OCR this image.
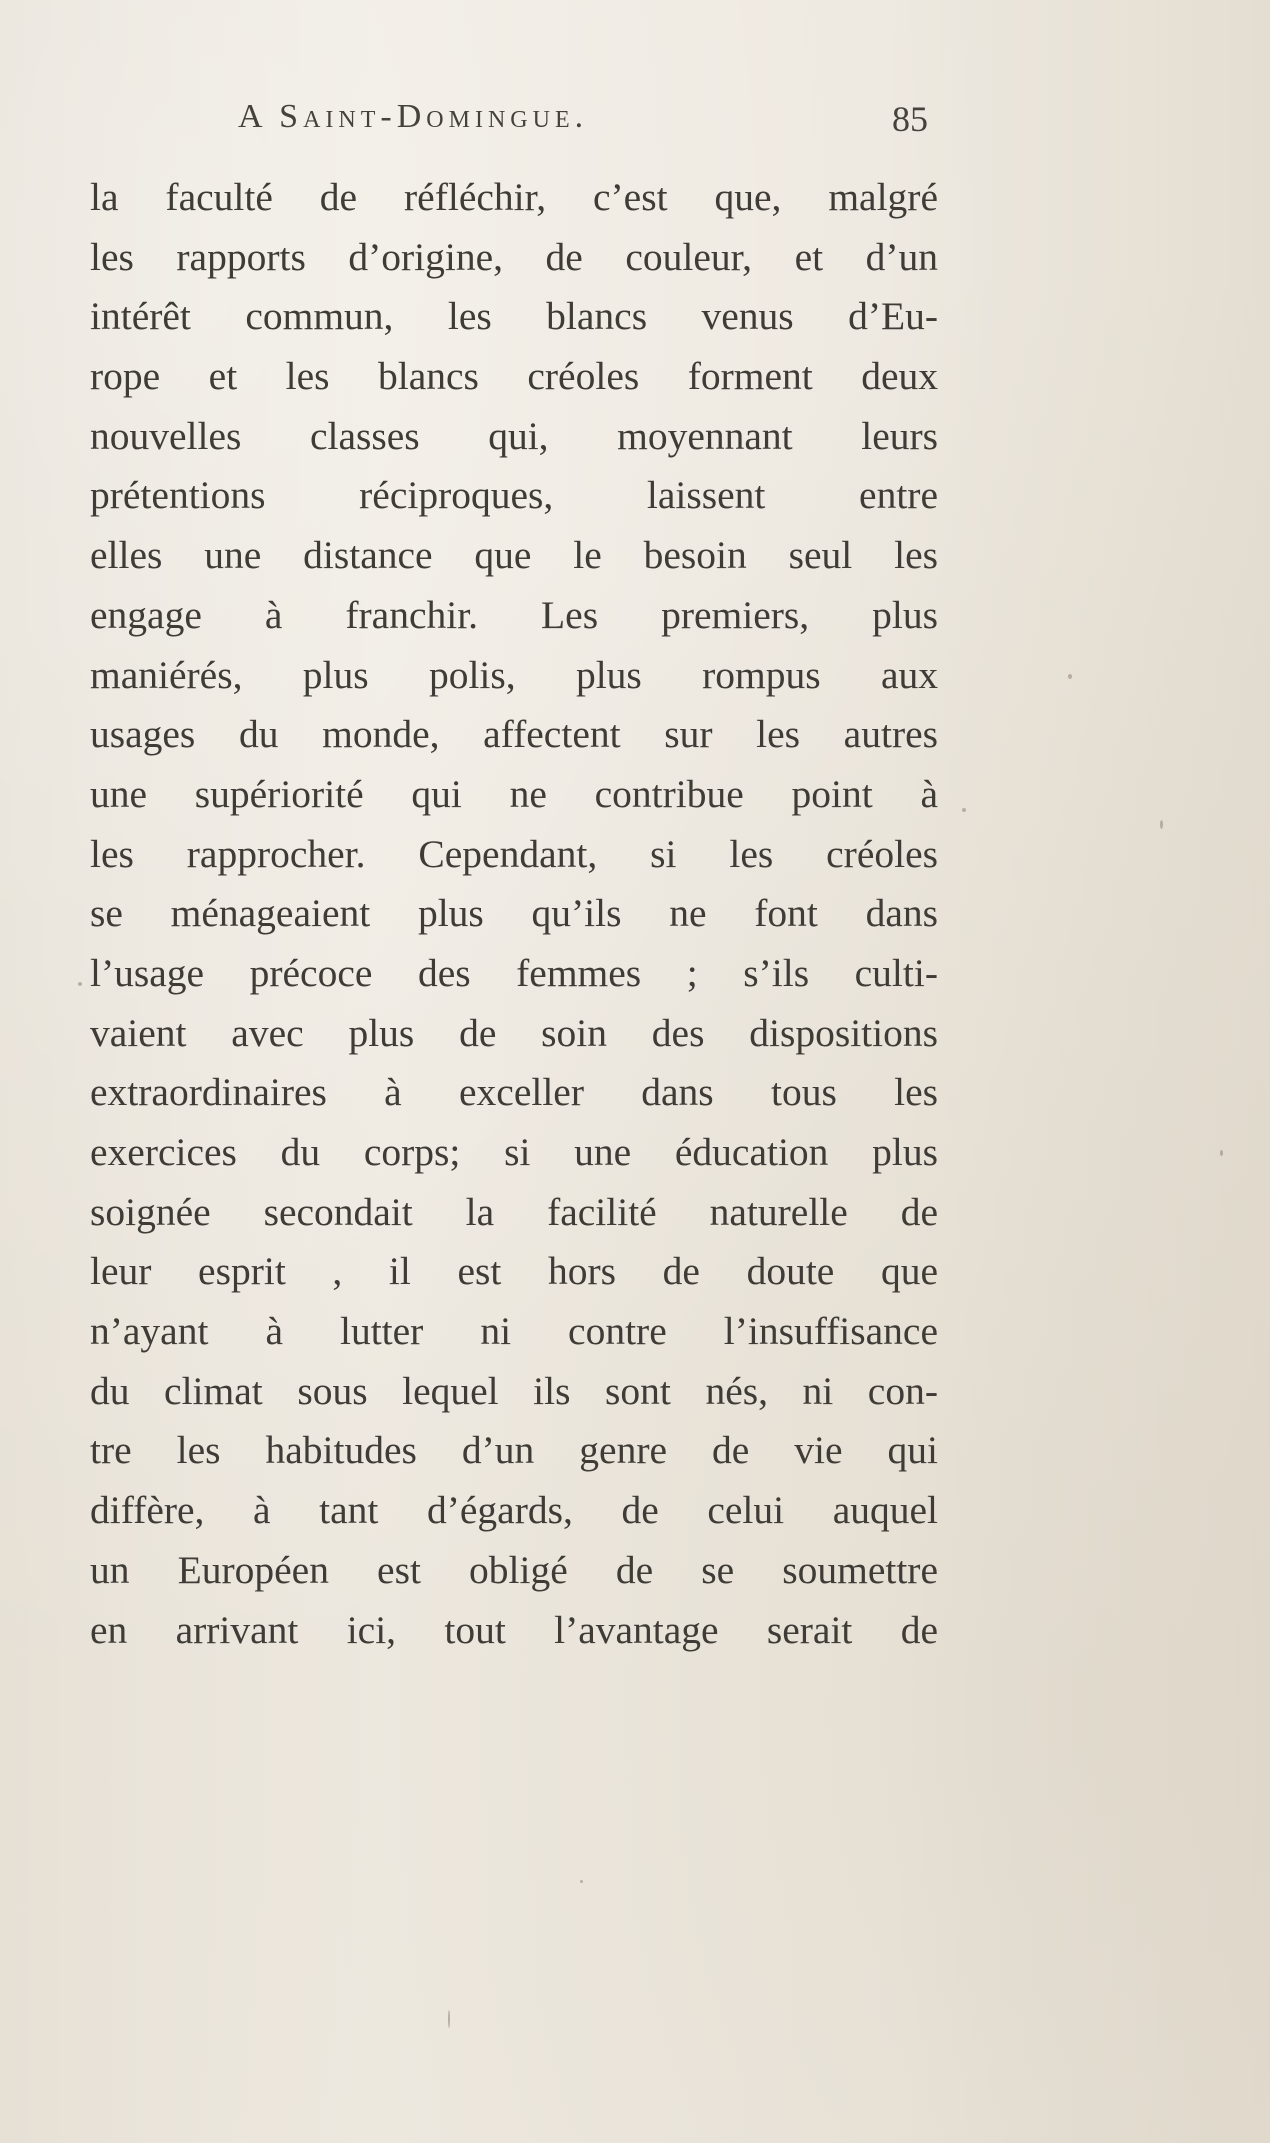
A Saint-Domingue.	85
la faculté de réfléchir, c’est que, malgré
les rapports d’origine, de couleur, et d’un
intérêt commun, les blancs venus d’Eu-
rope et les blancs créoles forment deux
nouvelles classes qui, moyennant leurs
prétentions réciproques, laissent entre
elles une distance que le besoin seul les
engage à franchir. Les premiers, plus
maniérés, plus polis, plus rompus aux
usages du monde, affectent sur les autres
une supériorité qui ne contribue point à
les rapprocher. Cependant, si les créoles
se ménageaient plus qu’ils ne font dans
l’usage précoce des femmes ; s’ils culti-
vaient avec plus de soin des dispositions
extraordinaires à exceller dans tous les
exercices du corps; si une éducation plus
soignée secondait la facilité naturelle de
leur esprit , il est hors de doute que
n’ayant à lutter ni contre l’insuffisance
du climat sous lequel ils sont nés, ni con-
tre les habitudes d’un genre de vie qui
diffère, à tant d’égards, de celui auquel
un Européen est obligé de se soumettre
en arrivant ici, tout l’avantage serait de
